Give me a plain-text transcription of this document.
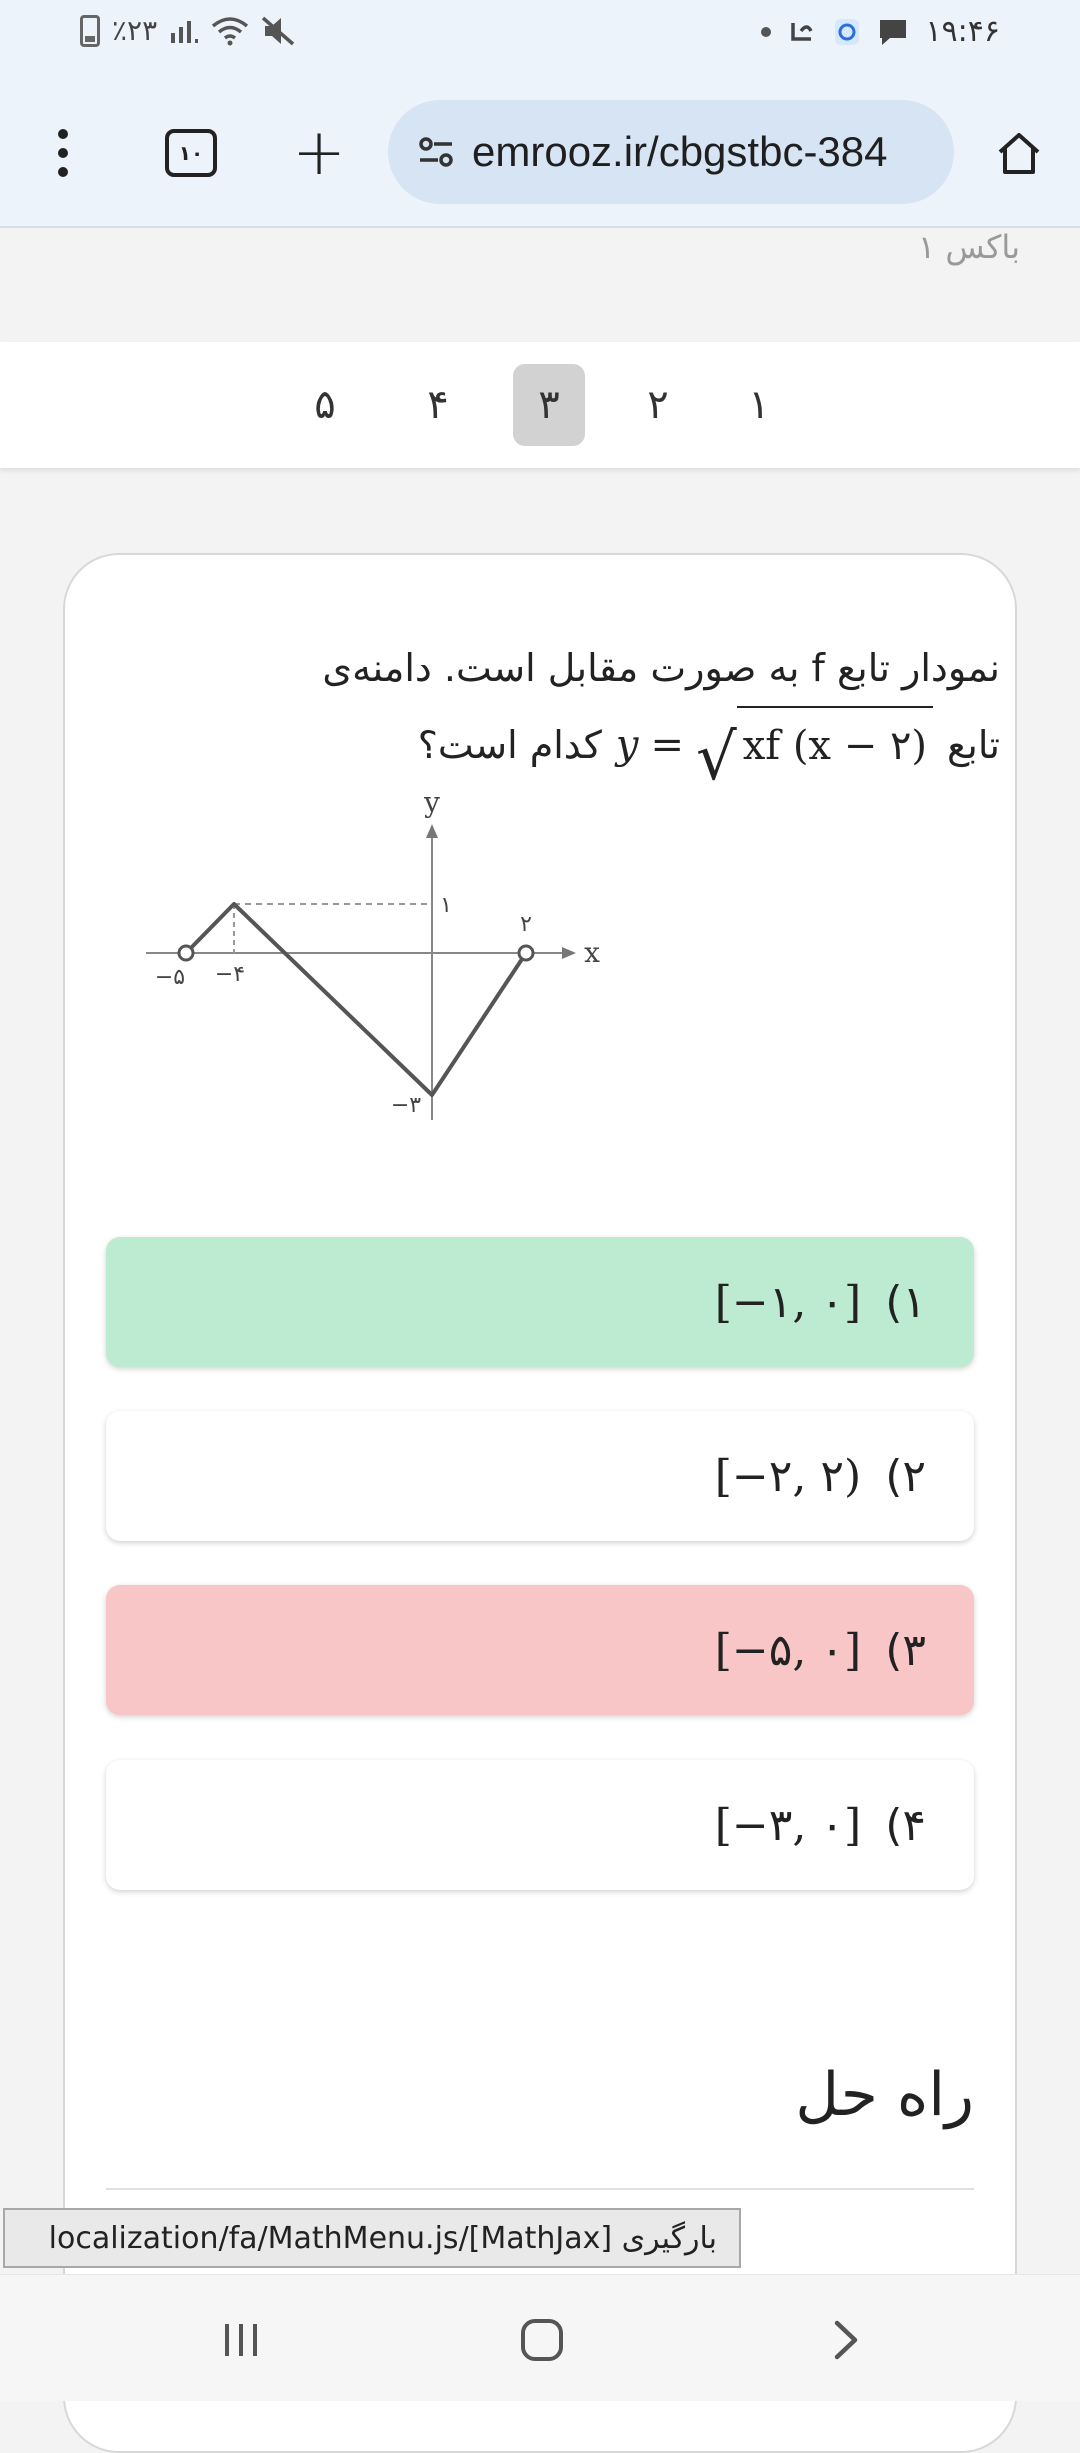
٪۲۳	۱۹:۴۶
۱۰ +	emrooz.ir/cbgstbc-384
باکس ۱
۵	۴	۳	۲	۱
نمودار تابع f به صورت مقابل است. دامنه‌ی
تابع
y = √ xf (x − ۲)
کدام است؟
y
x
۱
۲
−۵ −۴
−۳
۱)
[−۱, ۰]
۲)
[−۲, ۲)
۳)
[−۵, ۰]
۴)
[−۳, ۰]
راه حل
بارگیری [MathJax]/localization/fa/MathMenu.js
